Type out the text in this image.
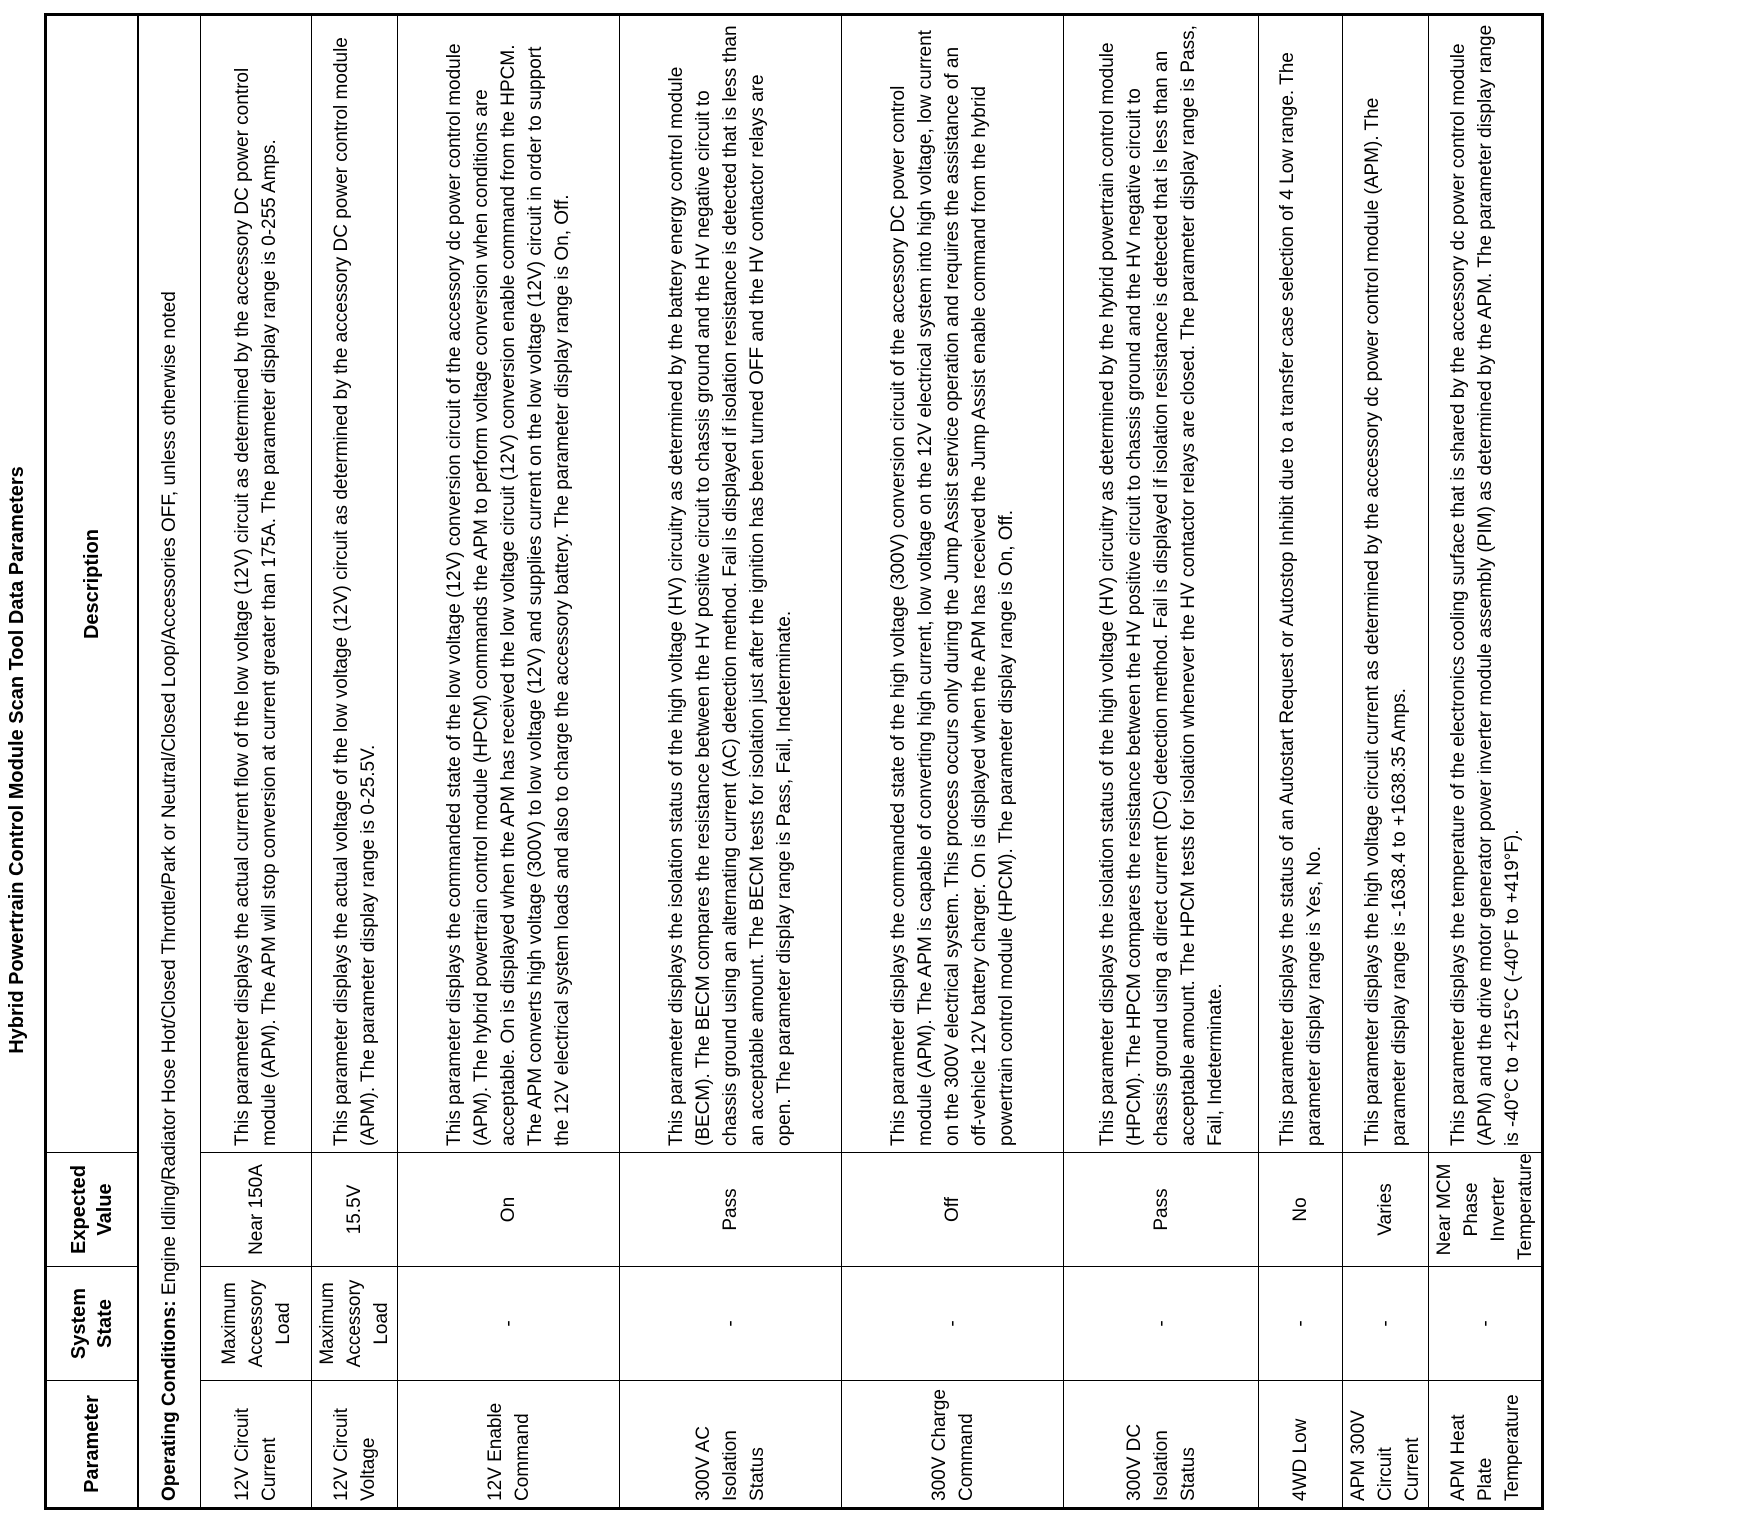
Hybrid Powertrain Control Module Scan Tool Data Parameters
Parameter	System State	Expected Value	Description
Operating Conditions: Engine Idling/Radiator Hose Hot/Closed Throttle/Park or Neutral/Closed Loop/Accessories OFF, unless otherwise noted			
12V Circuit Current	Maximum Accessory Load	Near 150A	This parameter displays the actual current flow of the low voltage (12V) circuit as determined by the accessory DC power control module (APM). The APM will stop conversion at current greater than 175A. The parameter display range is 0-255 Amps.
12V Circuit Voltage	Maximum Accessory Load	15.5V	This parameter displays the actual voltage of the low voltage (12V) circuit as determined by the accessory DC power control module (APM). The parameter display range is 0-25.5V.
12V Enable Command	-	On	This parameter displays the commanded state of the low voltage (12V) conversion circuit of the accessory dc power control module (APM). The hybrid powertrain control module (HPCM) commands the APM to perform voltage conversion when conditions are acceptable. On is displayed when the APM has received the low voltage circuit (12V) conversion enable command from the HPCM. The APM converts high voltage (300V) to low voltage (12V) and supplies current on the low voltage (12V) circuit in order to support the 12V electrical system loads and also to charge the accessory battery. The parameter display range is On, Off.
300V AC Isolation Status	-	Pass	This parameter displays the isolation status of the high voltage (HV) circuitry as determined by the battery energy control module (BECM). The BECM compares the resistance between the HV positive circuit to chassis ground and the HV negative circuit to chassis ground using an alternating current (AC) detection method. Fail is displayed if isolation resistance is detected that is less than an acceptable amount. The BECM tests for isolation just after the ignition has been turned OFF and the HV contactor relays are open. The parameter display range is Pass, Fail, Indeterminate.
300V Charge Command	-	Off	This parameter displays the commanded state of the high voltage (300V) conversion circuit of the accessory DC power control module (APM). The APM is capable of converting high current, low voltage on the 12V electrical system into high voltage, low current on the 300V electrical system. This process occurs only during the Jump Assist service operation and requires the assistance of an off-vehicle 12V battery charger. On is displayed when the APM has received the Jump Assist enable command from the hybrid powertrain control module (HPCM). The parameter display range is On, Off.
300V DC Isolation Status	-	Pass	This parameter displays the isolation status of the high voltage (HV) circuitry as determined by the hybrid powertrain control module (HPCM). The HPCM compares the resistance between the HV positive circuit to chassis ground and the HV negative circuit to chassis ground using a direct current (DC) detection method. Fail is displayed if isolation resistance is detected that is less than an acceptable amount. The HPCM tests for isolation whenever the HV contactor relays are closed. The parameter display range is Pass, Fail, Indeterminate.
4WD Low	-	No	This parameter displays the status of an Autostart Request or Autostop Inhibit due to a transfer case selection of 4 Low range. The parameter display range is Yes, No.
APM 300V Circuit Current	-	Varies	This parameter displays the high voltage circuit current as determined by the accessory dc power control module (APM). The parameter display range is -1638.4 to +1638.35 Amps.
APM Heat Plate Temperature	-	Near MCM Phase Inverter Temperature	This parameter displays the temperature of the electronics cooling surface that is shared by the accessory dc power control module (APM) and the drive motor generator power inverter module assembly (PIM) as determined by the APM. The parameter display range is -40°C to +215°C (-40°F to +419°F).
